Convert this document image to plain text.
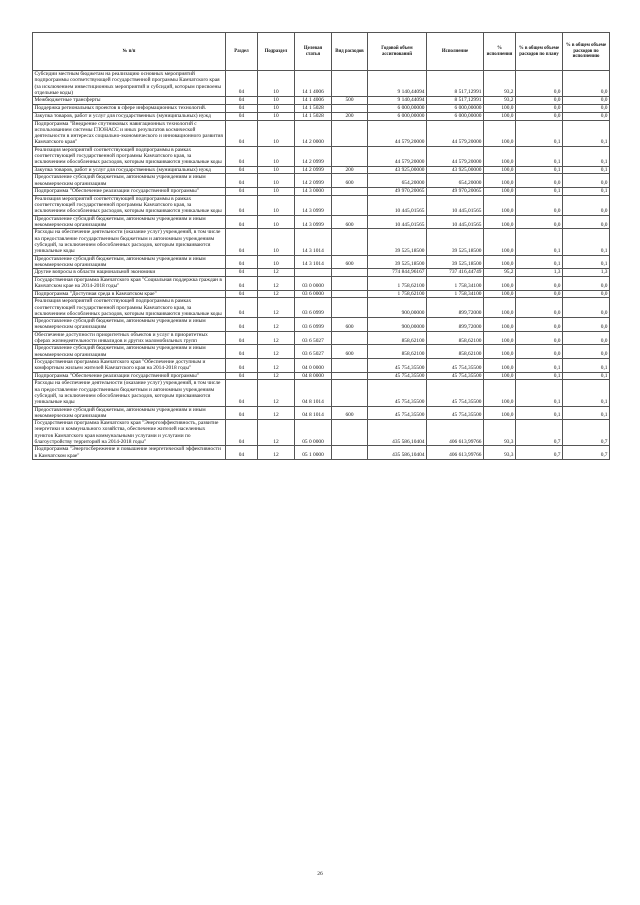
№ п/п	Раздел	Подраздел	Целевая статья	Вид расходов	Годовой объем ассигнований	Исполнение	% исполнения	% в общем объеме расходов по плану	% в общем объеме расходов по исполнению
Субсидии местным бюджетам на реализацию основных мероприятий подпрограммы соответствующей государственной программы Камчатского края (за исключением инвестиционных мероприятий и субсидий, которым присвоены отдельные коды)	04	10	14 1 4006		9 140,44094	8 517,12991	93,2	0,0	0,0
Межбюджетные трансферты	04	10	14 1 4006	500	9 140,44094	8 517,12991	93,2	0,0	0,0
Поддержка региональных проектов в сфере информационных технологий.	04	10	14 1 5028		6 000,00000	6 000,00000	100,0	0,0	0,0
Закупка товаров, работ и услуг для государственных (муниципальных) нужд	04	10	14 1 5028	200	6 000,00000	6 000,00000	100,0	0,0	0,0
Подпрограмма "Внедрение спутниковых навигационных технологий с использованием системы ГЛОНАСС и иных результатов космической деятельности в интересах социально-экономического и инновационного развития Камчатского края"	04	10	14 2 0000		44 579,20000	44 579,20000	100,0	0,1	0,1
Реализация мероприятий соответствующей подпрограммы в рамках соответствующей государственной программы Камчатского края, за исключением обособленных расходов, которым присваиваются уникальные коды	04	10	14 2 0999		44 579,20000	44 579,20000	100,0	0,1	0,1
Закупка товаров, работ и услуг для государственных (муниципальных) нужд	04	10	14 2 0999	200	43 925,00000	43 925,00000	100,0	0,1	0,1
Предоставление субсидий бюджетным, автономным учреждениям и иным некоммерческим организациям	04	10	14 2 0999	600	654,20000	654,20000	100,0	0,0	0,0
Подпрограмма "Обеспечение реализации государственной программы"	04	10	14 3 0000		49 970,20065	49 970,20065	100,0	0,1	0,1
Реализация мероприятий соответствующей подпрограммы в рамках соответствующей государственной программы Камчатского края, за исключением обособленных расходов, которым присваиваются уникальные коды	04	10	14 3 0999		10 445,01565	10 445,01565	100,0	0,0	0,0
Предоставление субсидий бюджетным, автономным учреждениям и иным некоммерческим организациям	04	10	14 3 0999	600	10 445,01565	10 445,01565	100,0	0,0	0,0
Расходы на обеспечение деятельности (оказание услуг) учреждений, в том числе на предоставление государственным бюджетным и автономным учреждениям субсидий, за исключением обособленных расходов, которым присваиваются уникальные коды	04	10	14 3 1014		39 525,18500	39 525,18500	100,0	0,1	0,1
Предоставление субсидий бюджетным, автономным учреждениям и иным некоммерческим организациям	04	10	14 3 1014	600	39 525,18500	39 525,18500	100,0	0,1	0,1
Другие вопросы в области национальной экономики	04	12			774 844,96167	737 416,44749	95,2	1,3	1,3
Государственная программа Камчатского края "Социальная поддержка граждан в Камчатском крае на 2014-2018 годы"	04	12	03 0 0000		1 758,62100	1 758,34100	100,0	0,0	0,0
Подпрограмма "Доступная среда в Камчатском крае"	04	12	03 6 0000		1 758,62100	1 758,34100	100,0	0,0	0,0
Реализация мероприятий соответствующей подпрограммы в рамках соответствующей государственной программы Камчатского края, за исключением обособленных расходов, которым присваиваются уникальные коды	04	12	03 6 0999		900,00000	899,72000	100,0	0,0	0,0
Предоставление субсидий бюджетным, автономным учреждениям и иным некоммерческим организациям	04	12	03 6 0999	600	900,00000	899,72000	100,0	0,0	0,0
Обеспечение доступности приоритетных объектов и услуг в приоритетных сферах жизнедеятельности инвалидов и других маломобильных групп	04	12	03 6 5027		858,62100	858,62100	100,0	0,0	0,0
Предоставление субсидий бюджетным, автономным учреждениям и иным некоммерческим организациям	04	12	03 6 5027	600	858,62100	858,62100	100,0	0,0	0,0
Государственная программа Камчатского края "Обеспечение доступным и комфортным жильем жителей Камчатского края на 2014-2018 годы"	04	12	04 0 0000		45 754,35500	45 754,35500	100,0	0,1	0,1
Подпрограмма "Обеспечение реализации государственной программы"	04	12	04 8 0000		45 754,35500	45 754,35500	100,0	0,1	0,1
Расходы на обеспечение деятельности (оказание услуг) учреждений, в том числе на предоставление государственным бюджетным и автономным учреждениям субсидий, за исключением обособленных расходов, которым присваиваются уникальные коды	04	12	04 8 1014		45 754,35500	45 754,35500	100,0	0,1	0,1
Предоставление субсидий бюджетным, автономным учреждениям и иным некоммерческим организациям	04	12	04 8 1014	600	45 754,35500	45 754,35500	100,0	0,1	0,1
Государственная программа Камчатского края "Энергоэффективность, развитие энергетики и коммунального хозяйства, обеспечение жителей населенных пунктов Камчатского края коммунальными услугами и услугами по благоустройству территорий на 2014-2018 годы"	04	12	05 0 0000		435 586,10404	406 613,99766	93,3	0,7	0,7
Подпрограмма "Энергосбережение и повышение энергетической эффективности в Камчатском крае"	04	12	05 1 0000		435 586,10404	406 613,99766	93,3	0,7	0,7
26
